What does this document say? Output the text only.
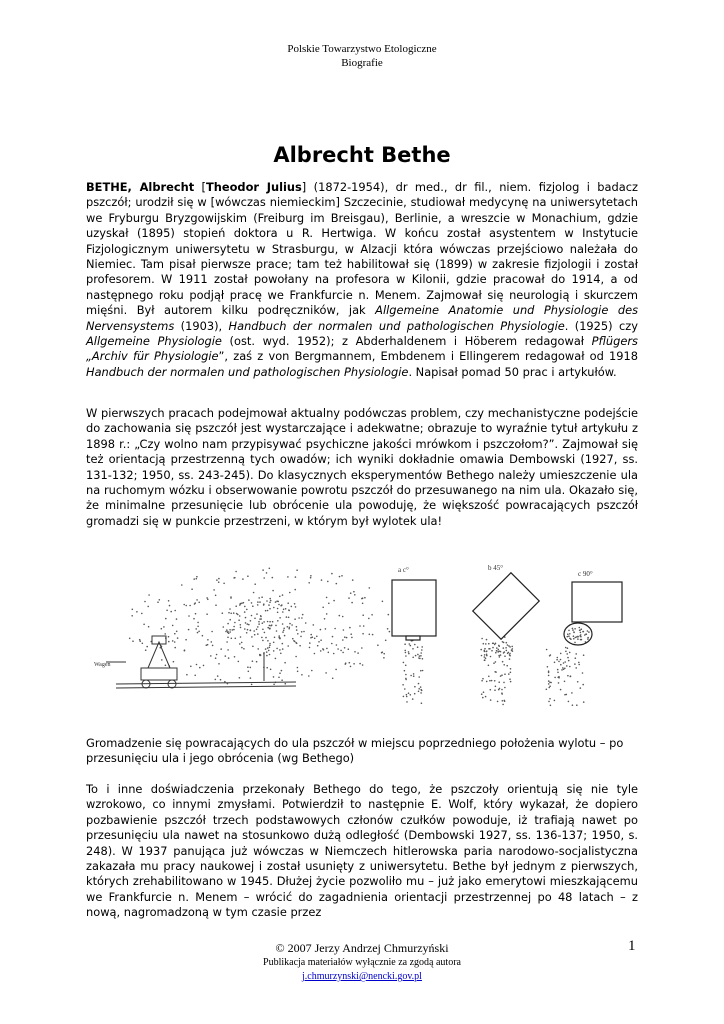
Polskie Towarzystwo Etologiczne
Biografie
Albrecht Bethe
BETHE, Albrecht [Theodor Julius] (1872-1954), dr med., dr fil., niem. fizjolog i badacz pszczół; urodził się w [wówczas niemieckim] Szczecinie, studiował medycynę na uniwersytetach we Fryburgu Bryzgowijskim (Freiburg im Breisgau), Berlinie, a wreszcie w Monachium, gdzie uzyskał (1895) stopień doktora u R. Hertwiga. W końcu został asystentem w Instytucie Fizjologicznym uniwersytetu w Strasburgu, w Alzacji która wówczas przejściowo należała do Niemiec. Tam pisał pierwsze prace; tam też habilitował się (1899) w zakresie fizjologii i został profesorem. W 1911 został powołany na profesora w Kilonii, gdzie pracował do 1914, a od następnego roku podjął pracę we Frankfurcie n. Menem. Zajmował się neurologią i skurczem mięśni. Był autorem kilku podręczników, jak Allgemeine Anatomie und Physiologie des Nervensystems (1903), Handbuch der normalen und pathologischen Physiologie. (1925) czy Allgemeine Physiologie (ost. wyd. 1952); z Abderhaldenem i Höberem redagował Pflügers „Archiv für Physiologie”, zaś z von Bergmannem, Embdenem i Ellingerem redagował od 1918 Handbuch der normalen und pathologischen Physiologie. Napisał pomad 50 prac i artykułów.
W pierwszych pracach podejmował aktualny podówczas problem, czy mechanistyczne podejście do zachowania się pszczół jest wystarczające i adekwatne; obrazuje to wyraźnie tytuł artykułu z 1898 r.: „Czy wolno nam przypisywać psychiczne jakości mrówkom i pszczołom?”. Zajmował się też orientacją przestrzenną tych owadów; ich wyniki dokładnie omawia Dembowski (1927, ss. 131-132; 1950, ss. 243-245). Do klasycznych eksperymentów Bethego należy umieszczenie ula na ruchomym wózku i obserwowanie powrotu pszczół do przesuwanego na nim ula. Okazało się, że minimalne przesunięcie lub obrócenie ula powoduję, że większość powracających pszczół gromadzi się w punkcie przestrzeni, w którym był wylotek ula!
Wagen
a c°	b 45°
c 90°
Gromadzenie się powracających do ula pszczół w miejscu poprzedniego położenia wylotu – po przesunięciu ula i jego obrócenia (wg Bethego)
To i inne doświadczenia przekonały Bethego do tego, że pszczoły orientują się nie tyle wzrokowo, co innymi zmysłami. Potwierdził to następnie E. Wolf, który wykazał, że dopiero pozbawienie pszczół trzech podstawowych członów czułków powoduje, iż trafiają nawet po przesunięciu ula nawet na stosunkowo dużą odległość (Dembowski 1927, ss. 136-137; 1950, s. 248). W 1937 panująca już wówczas w Niemczech hitlerowska paria narodowo-socjalistyczna zakazała mu pracy naukowej i został usunięty z uniwersytetu. Bethe był jednym z pierwszych, których zrehabilitowano w 1945. Dłużej życie pozwoliło mu – już jako emerytowi mieszkającemu we Frankfurcie n. Menem – wrócić do zagadnienia orientacji przestrzennej po 48 latach – z nową, nagromadzoną w tym czasie przez
© 2007 Jerzy Andrzej Chmurzyński
Publikacja materiałów wyłącznie za zgodą autora
j.chmurzynski@nencki.gov.pl
1
